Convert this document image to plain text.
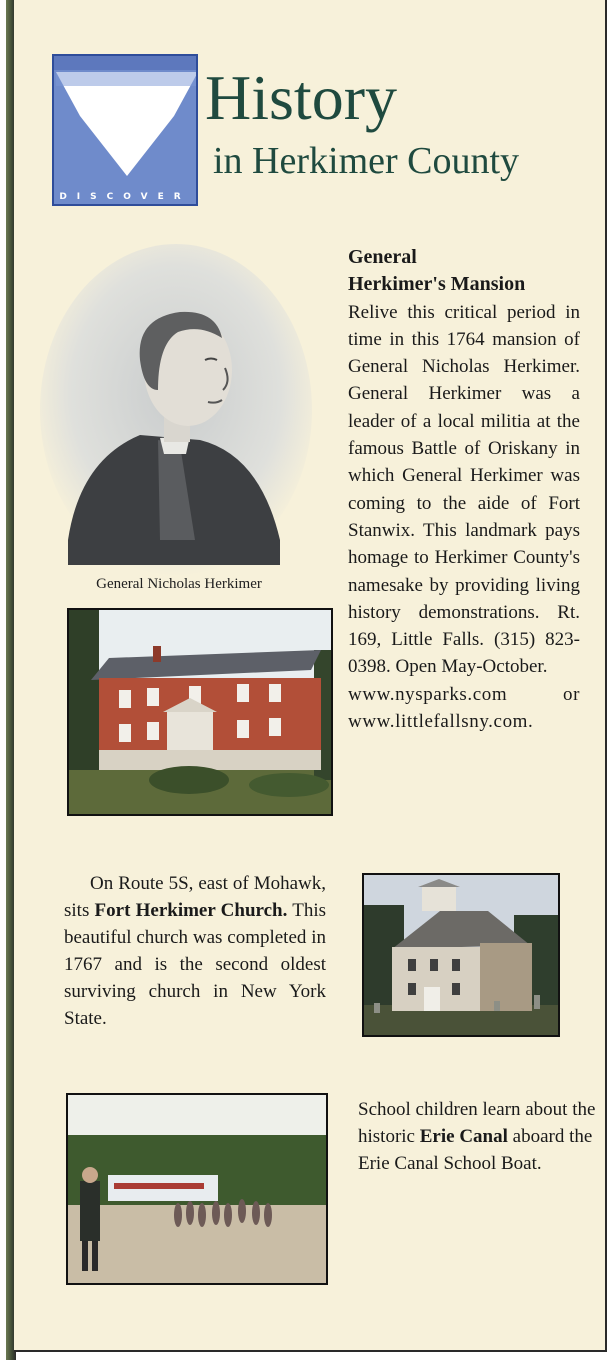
DISCOVER
History
in Herkimer County
General Nicholas Herkimer
General
Herkimer's Mansion
Relive this critical period in time in this 1764 mansion of General Nicholas Herkimer. General Herkimer was a leader of a local militia at the famous Battle of Oriskany in which General Herkimer was coming to the aide of Fort Stanwix. This landmark pays homage to Herkimer County's namesake by providing living history demonstrations. Rt. 169, Little Falls. (315) 823-0398. Open May-October.
www.nysparks.com or www.littlefallsny.com.
On Route 5S, east of Mohawk, sits Fort Herkimer Church. This beautiful church was completed in 1767 and is the second oldest surviving church in New York State.
School children learn about the historic Erie Canal aboard the Erie Canal School Boat.
